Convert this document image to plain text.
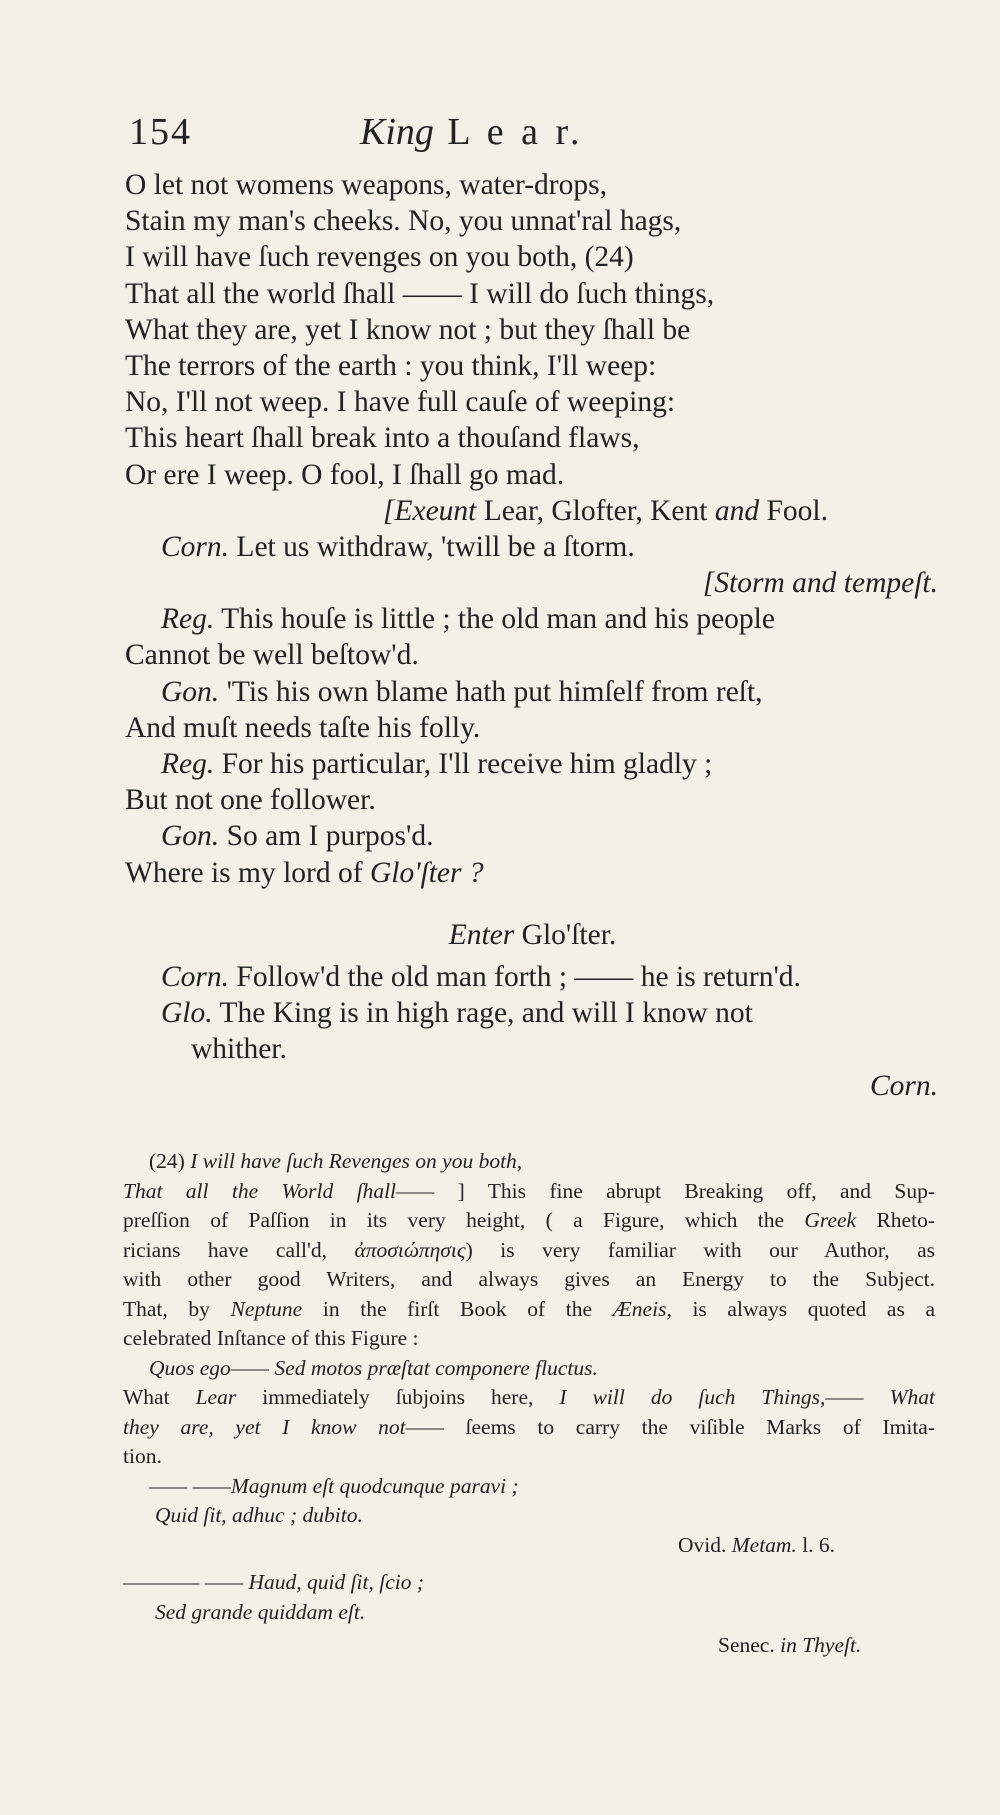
154	King L e a r.
O let not womens weapons, water-drops,
Stain my man's cheeks. No, you unnat'ral hags,
I will have ſuch revenges on you both, (24)
That all the world ſhall —— I will do ſuch things,
What they are, yet I know not ; but they ſhall be
The terrors of the earth : you think, I'll weep:
No, I'll not weep. I have full cauſe of weeping:
This heart ſhall break into a thouſand flaws,
Or ere I weep. O fool, I ſhall go mad.
[Exeunt Lear, Glofter, Kent and Fool.
Corn. Let us withdraw, 'twill be a ſtorm.
[Storm and tempeſt.
Reg. This houſe is little ; the old man and his people
Cannot be well beſtow'd.
Gon. 'Tis his own blame hath put himſelf from reſt,
And muſt needs taſte his folly.
Reg. For his particular, I'll receive him gladly ;
But not one follower.
Gon. So am I purpos'd.
Where is my lord of Glo'ſter ?
Enter Glo'ſter.
Corn. Follow'd the old man forth ; —— he is return'd.
Glo. The King is in high rage, and will I know not
whither.
Corn.
(24) I will have ſuch Revenges on you both,
That all the World ſhall—— ] This fine abrupt Breaking off, and Sup-
preſſion of Paſſion in its very height, ( a Figure, which the Greek Rheto-
ricians have call'd, ἀποσιώπησις) is very familiar with our Author, as
with other good Writers, and always gives an Energy to the Subject.
That, by Neptune in the firſt Book of the Æneis, is always quoted as a
celebrated Inſtance of this Figure :
Quos ego—— Sed motos præſtat componere fluctus.
What Lear immediately ſubjoins here, I will do ſuch Things,—— What
they are, yet I know not—— ſeems to carry the viſible Marks of Imita-
tion.
—— ——Magnum eſt quodcunque paravi ;
Quid ſit, adhuc ; dubito.
Ovid. Metam. l. 6.
———— —— Haud, quid ſit, ſcio ;
Sed grande quiddam eſt.
Senec. in Thyeſt.
